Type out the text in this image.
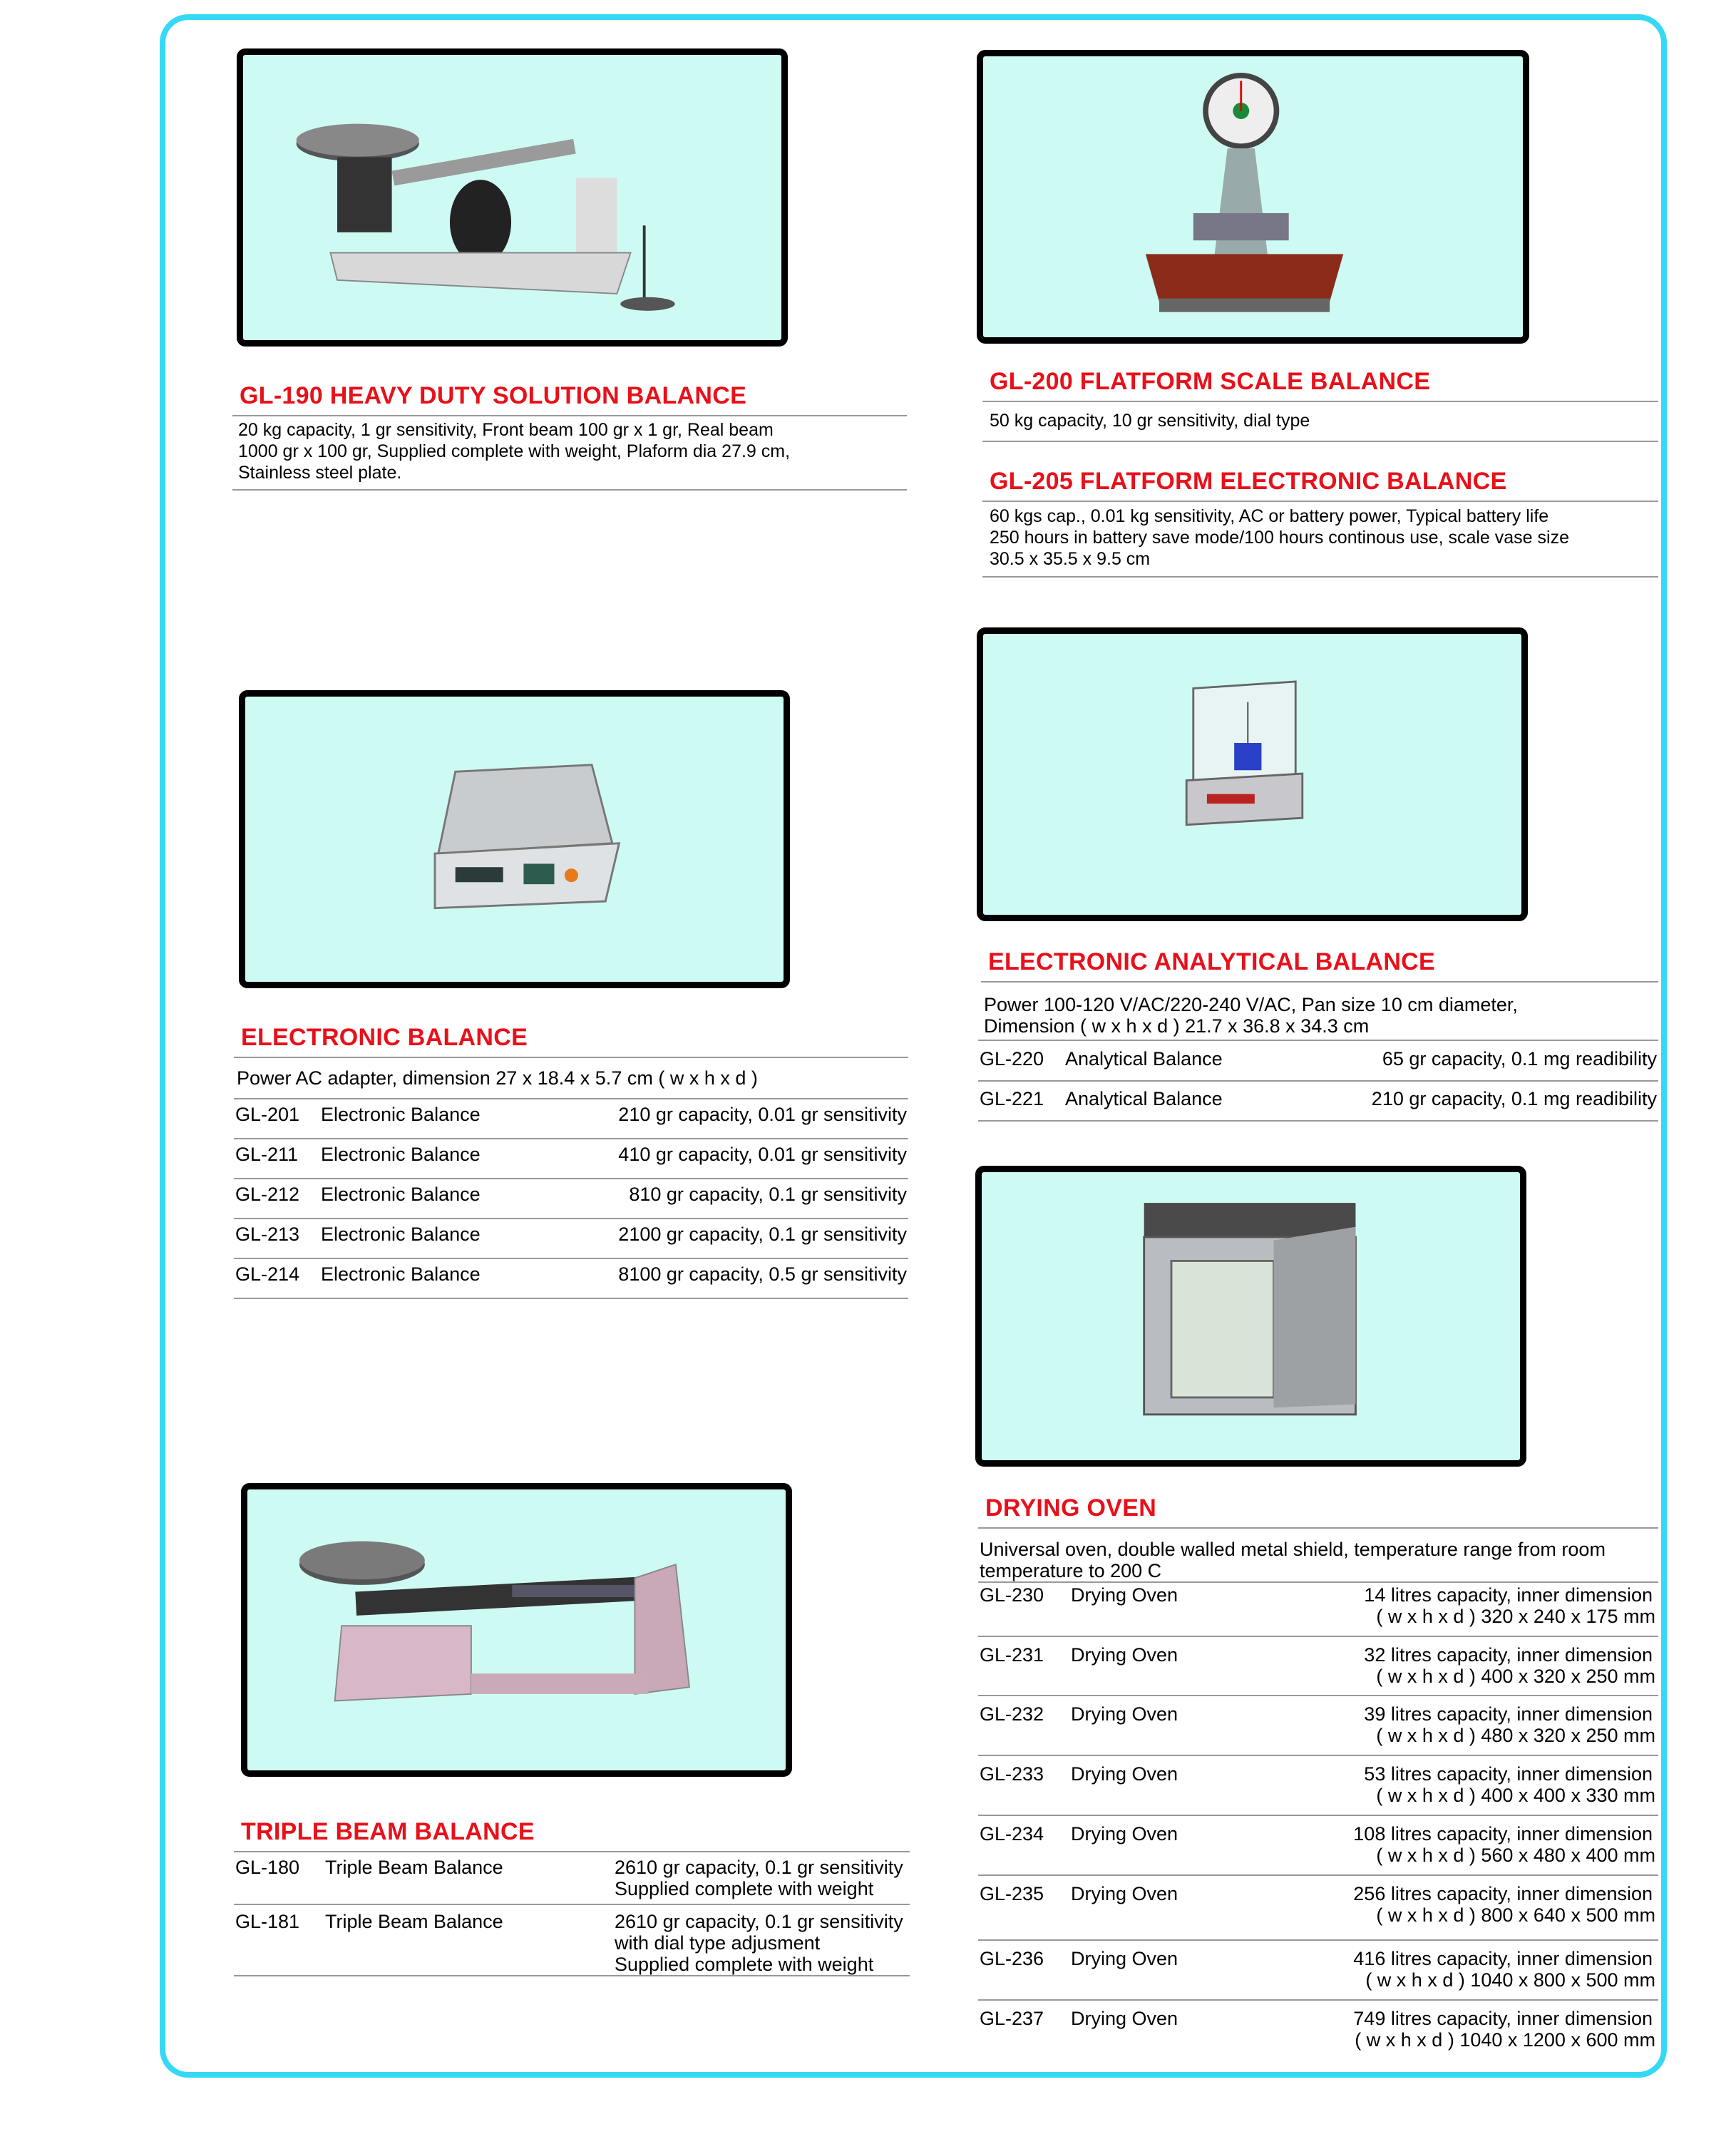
GL-190 HEAVY DUTY SOLUTION BALANCE
20 kg capacity, 1 gr sensitivity, Front beam 100 gr x 1 gr, Real beam
1000 gr x 100 gr, Supplied complete with weight, Plaform dia 27.9 cm,
Stainless steel plate.
GL-200 FLATFORM SCALE BALANCE
50 kg capacity, 10 gr sensitivity, dial type
GL-205 FLATFORM ELECTRONIC BALANCE
60 kgs cap., 0.01 kg sensitivity, AC or battery power, Typical battery life
250 hours in battery save mode/100 hours continous use, scale vase size
30.5 x 35.5 x 9.5 cm
ELECTRONIC BALANCE
Power AC adapter, dimension 27 x 18.4 x 5.7 cm ( w x h x d )
GL-201 Electronic Balance	210 gr capacity, 0.01 gr sensitivity
GL-211 Electronic Balance	410 gr capacity, 0.01 gr sensitivity
GL-212 Electronic Balance	810 gr capacity, 0.1 gr sensitivity
GL-213 Electronic Balance	2100 gr capacity, 0.1 gr sensitivity
GL-214 Electronic Balance	8100 gr capacity, 0.5 gr sensitivity
ELECTRONIC ANALYTICAL BALANCE
Power 100-120 V/AC/220-240 V/AC, Pan size 10 cm diameter,
Dimension ( w x h x d ) 21.7 x 36.8 x 34.3 cm
GL-220 Analytical Balance	65 gr capacity, 0.1 mg readibility
GL-221 Analytical Balance	210 gr capacity, 0.1 mg readibility
DRYING OVEN
Universal oven, double walled metal shield, temperature range from room
temperature to 200 C
GL-230 Drying Oven	14 litres capacity, inner dimension
( w x h x d ) 320 x 240 x 175 mm
GL-231 Drying Oven	32 litres capacity, inner dimension
( w x h x d ) 400 x 320 x 250 mm
GL-232 Drying Oven	39 litres capacity, inner dimension
( w x h x d ) 480 x 320 x 250 mm
GL-233 Drying Oven	53 litres capacity, inner dimension
( w x h x d ) 400 x 400 x 330 mm
GL-234 Drying Oven	108 litres capacity, inner dimension
( w x h x d ) 560 x 480 x 400 mm
GL-235 Drying Oven	256 litres capacity, inner dimension
( w x h x d ) 800 x 640 x 500 mm
GL-236 Drying Oven	416 litres capacity, inner dimension
( w x h x d ) 1040 x 800 x 500 mm
GL-237 Drying Oven	749 litres capacity, inner dimension
( w x h x d ) 1040 x 1200 x 600 mm
TRIPLE BEAM BALANCE
GL-180 Triple Beam Balance	2610 gr capacity, 0.1 gr sensitivity
Supplied complete with weight
GL-181 Triple Beam Balance	2610 gr capacity, 0.1 gr sensitivity
with dial type adjusment
Supplied complete with weight
